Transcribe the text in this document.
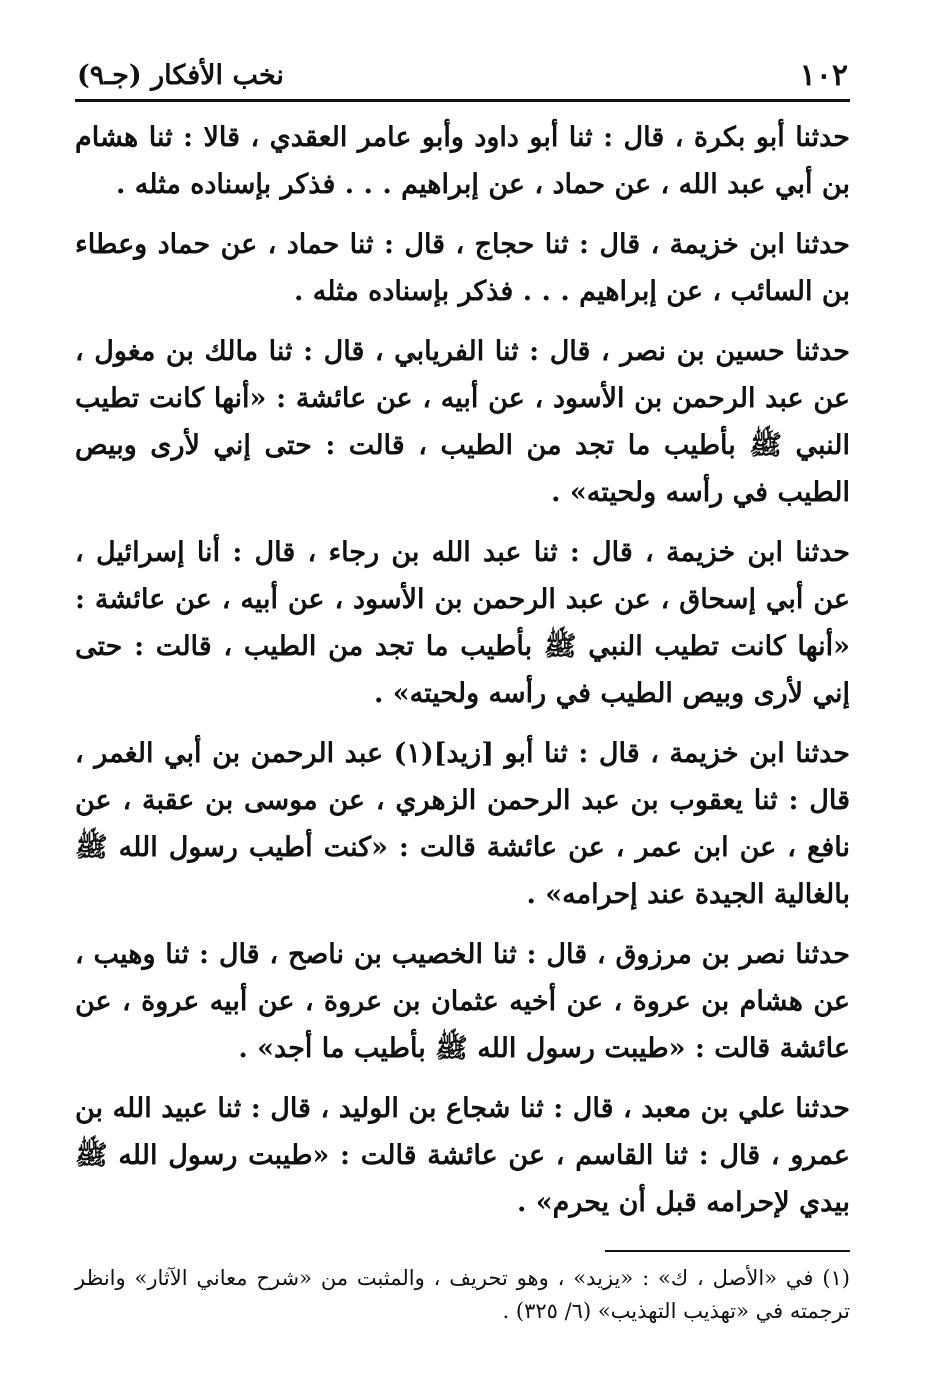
١٠٢
نخب الأفكار (جـ٩)

حدثنا أبو بكرة ، قال : ثنا أبو داود وأبو عامر العقدي ، قالا : ثنا هشام بن أبي عبد الله ، عن حماد ، عن إبراهيم . . . فذكر بإسناده مثله .

حدثنا ابن خزيمة ، قال : ثنا حجاج ، قال : ثنا حماد ، عن حماد وعطاء بن السائب ، عن إبراهيم . . . فذكر بإسناده مثله .

حدثنا حسين بن نصر ، قال : ثنا الفريابي ، قال : ثنا مالك بن مغول ، عن عبد الرحمن بن الأسود ، عن أبيه ، عن عائشة : «أنها كانت تطيب النبي ﷺ بأطيب ما تجد من الطيب ، قالت : حتى إني لأرى وبيص الطيب في رأسه ولحيته» .

حدثنا ابن خزيمة ، قال : ثنا عبد الله بن رجاء ، قال : أنا إسرائيل ، عن أبي إسحاق ، عن عبد الرحمن بن الأسود ، عن أبيه ، عن عائشة : «أنها كانت تطيب النبي ﷺ بأطيب ما تجد من الطيب ، قالت : حتى إني لأرى وبيص الطيب في رأسه ولحيته» .

حدثنا ابن خزيمة ، قال : ثنا أبو [زيد](١) عبد الرحمن بن أبي الغمر ، قال : ثنا يعقوب بن عبد الرحمن الزهري ، عن موسى بن عقبة ، عن نافع ، عن ابن عمر ، عن عائشة قالت : «كنت أطيب رسول الله ﷺ بالغالية الجيدة عند إحرامه» .

حدثنا نصر بن مرزوق ، قال : ثنا الخصيب بن ناصح ، قال : ثنا وهيب ، عن هشام بن عروة ، عن أخيه عثمان بن عروة ، عن أبيه عروة ، عن عائشة قالت : «طيبت رسول الله ﷺ بأطيب ما أجد» .

حدثنا علي بن معبد ، قال : ثنا شجاع بن الوليد ، قال : ثنا عبيد الله بن عمرو ، قال : ثنا القاسم ، عن عائشة قالت : «طيبت رسول الله ﷺ بيدي لإحرامه قبل أن يحرم» .

(١) في «الأصل ، ك» : «يزيد» ، وهو تحريف ، والمثبت من «شرح معاني الآثار» وانظر ترجمته في «تهذيب التهذيب» (٦/ ٣٢٥) .
